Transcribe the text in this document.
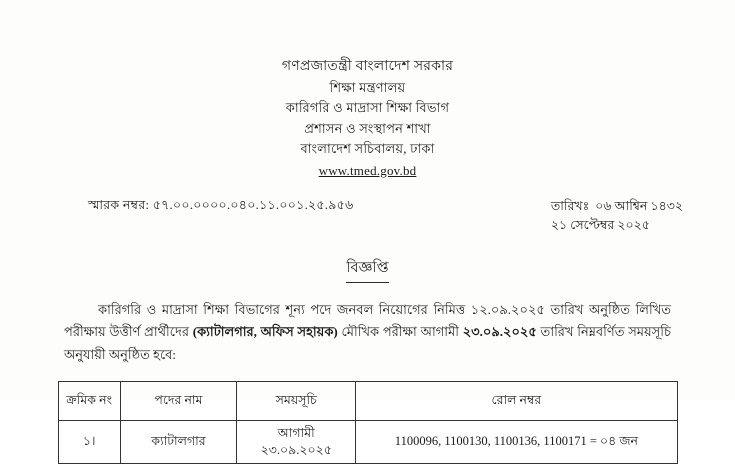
গণপ্রজাতন্ত্রী বাংলাদেশ সরকার
শিক্ষা মন্ত্রণালয়
কারিগরি ও মাদ্রাসা শিক্ষা বিভাগ
প্রশাসন ও সংস্থাপন শাখা
বাংলাদেশ সচিবালয়, ঢাকা
www.tmed.gov.bd
স্মারক নম্বর: ৫৭.০০.০০০০.০৪০.১১.০০১.২৫.৯৫৬	তারিখঃ ০৬ আশ্বিন ১৪৩২
২১ সেপ্টেম্বর ২০২৫
বিজ্ঞপ্তি
কারিগরি ও মাদ্রাসা শিক্ষা বিভাগের শূন্য পদে জনবল নিয়োগের নিমিত্ত ১২.০৯.২০২৫ তারিখ অনুষ্ঠিত লিখিত পরীক্ষায় উত্তীর্ণ প্রার্থীদের (ক্যাটালগার, অফিস সহায়ক) মৌখিক পরীক্ষা আগামী ২৩.০৯.২০২৫ তারিখ নিম্নবর্ণিত সময়সূচি অনুযায়ী অনুষ্ঠিত হবে:
ক্রমিক নং	পদের নাম	সময়সূচি	রোল নম্বর
১।	ক্যাটালগার	আগামী ২৩.০৯.২০২৫	1100096, 1100130, 1100136, 1100171 = ০৪ জন
